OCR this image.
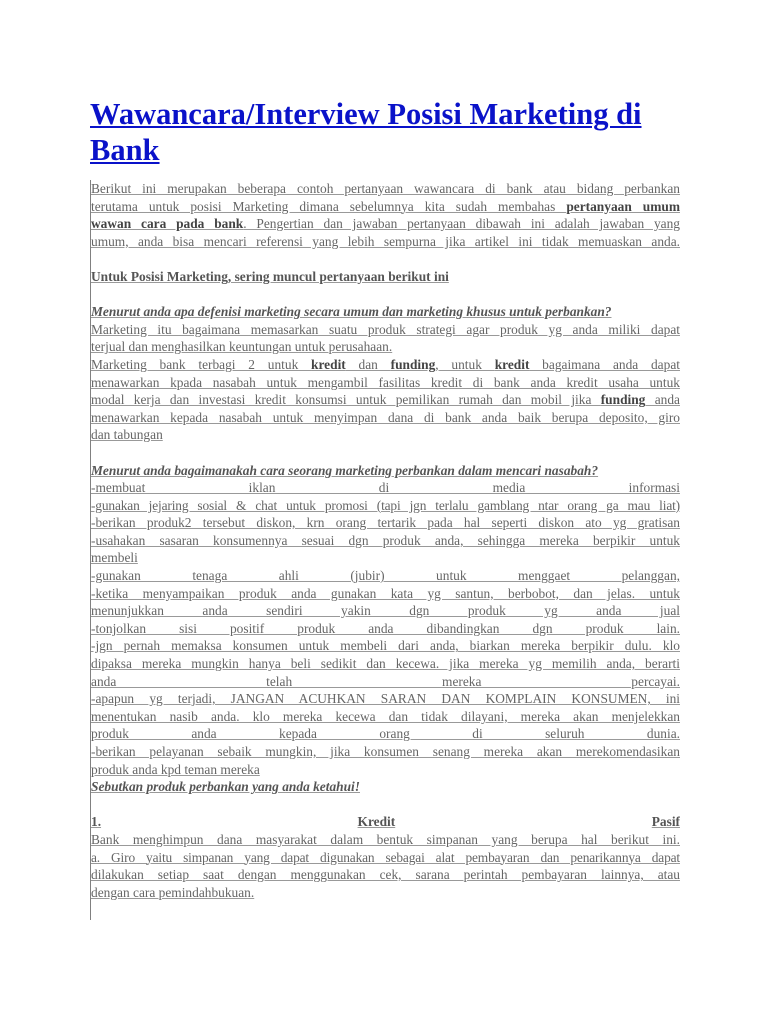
Wawancara/Interview Posisi Marketing di Bank
Berikut ini merupakan beberapa contoh pertanyaan wawancara di bank atau bidang perbankan
terutama untuk posisi Marketing dimana sebelumnya kita sudah membahas pertanyaan umum
wawan cara pada bank. Pengertian dan jawaban pertanyaan dibawah ini adalah jawaban yang
umum, anda bisa mencari referensi yang lebih sempurna jika artikel ini tidak memuaskan anda.
Untuk Posisi Marketing, sering muncul pertanyaan berikut ini
Menurut anda apa defenisi marketing secara umum dan marketing khusus untuk perbankan?
Marketing itu bagaimana memasarkan suatu produk strategi agar produk yg anda miliki dapat
terjual dan menghasilkan keuntungan untuk perusahaan.
Marketing bank terbagi 2 untuk kredit dan funding, untuk kredit bagaimana anda dapat
menawarkan kpada nasabah untuk mengambil fasilitas kredit di bank anda kredit usaha untuk
modal kerja dan investasi kredit konsumsi untuk pemilikan rumah dan mobil jika funding anda
menawarkan kepada nasabah untuk menyimpan dana di bank anda baik berupa deposito, giro
dan tabungan
Menurut anda bagaimanakah cara seorang marketing perbankan dalam mencari nasabah?
-membuat iklan di media informasi
-gunakan jejaring sosial & chat untuk promosi (tapi jgn terlalu gamblang ntar orang ga mau liat)
-berikan produk2 tersebut diskon, krn orang tertarik pada hal seperti diskon ato yg gratisan
-usahakan sasaran konsumennya sesuai dgn produk anda, sehingga mereka berpikir untuk
membeli
-gunakan tenaga ahli (jubir) untuk menggaet pelanggan,
-ketika menyampaikan produk anda gunakan kata yg santun, berbobot, dan jelas. untuk
menunjukkan anda sendiri yakin dgn produk yg anda jual
-tonjolkan sisi positif produk anda dibandingkan dgn produk lain.
-jgn pernah memaksa konsumen untuk membeli dari anda, biarkan mereka berpikir dulu. klo
dipaksa mereka mungkin hanya beli sedikit dan kecewa. jika mereka yg memilih anda, berarti
anda telah mereka percayai.
-apapun yg terjadi, JANGAN ACUHKAN SARAN DAN KOMPLAIN KONSUMEN, ini
menentukan nasib anda. klo mereka kecewa dan tidak dilayani, mereka akan menjelekkan
produk anda kepada orang di seluruh dunia.
-berikan pelayanan sebaik mungkin, jika konsumen senang mereka akan merekomendasikan
produk anda kpd teman mereka
Sebutkan produk perbankan yang anda ketahui!
1.	Kredit	Pasif
Bank menghimpun dana masyarakat dalam bentuk simpanan yang berupa hal berikut ini.
a. Giro yaitu simpanan yang dapat digunakan sebagai alat pembayaran dan penarikannya dapat
dilakukan setiap saat dengan menggunakan cek, sarana perintah pembayaran lainnya, atau
dengan cara pemindahbukuan.
